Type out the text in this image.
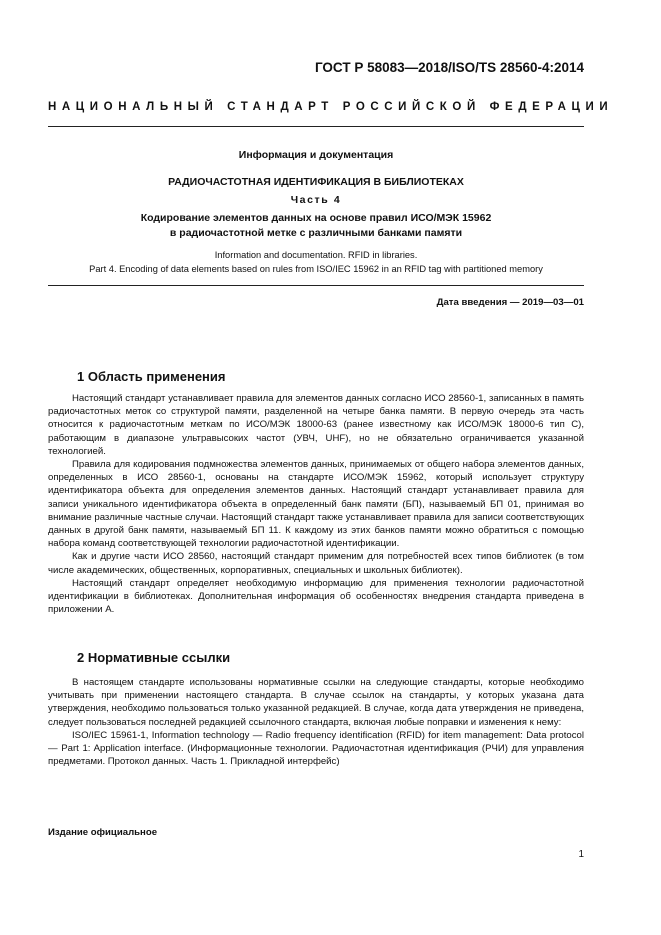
ГОСТ Р 58083—2018/ISO/TS 28560-4:2014
НАЦИОНАЛЬНЫЙ СТАНДАРТ РОССИЙСКОЙ ФЕДЕРАЦИИ
Информация и документация
РАДИОЧАСТОТНАЯ ИДЕНТИФИКАЦИЯ В БИБЛИОТЕКАХ
Часть 4
Кодирование элементов данных на основе правил ИСО/МЭК 15962
в радиочастотной метке с различными банками памяти
Information and documentation. RFID in libraries.
Part 4. Encoding of data elements based on rules from ISO/IEC 15962 in an RFID tag with partitioned memory
Дата введения — 2019—03—01
1 Область применения

Настоящий стандарт устанавливает правила для элементов данных согласно ИСО 28560-1, записанных в память радиочастотных меток со структурой памяти, разделенной на четыре банка памяти. В первую очередь эта часть относится к радиочастотным меткам по ИСО/МЭК 18000-63 (ранее известному как ИСО/МЭК 18000-6 тип С), работающим в диапазоне ультравысоких частот (УВЧ, UHF), но не обязательно ограничивается указанной технологией.

Правила для кодирования подмножества элементов данных, принимаемых от общего набора элементов данных, определенных в ИСО 28560-1, основаны на стандарте ИСО/МЭК 15962, который использует структуру идентификатора объекта для определения элементов данных. Настоящий стандарт устанавливает правила для записи уникального идентификатора объекта в определенный банк памяти (БП), называемый БП 01, принимая во внимание различные частные случаи. Настоящий стандарт также устанавливает правила для записи соответствующих данных в другой банк памяти, называемый БП 11. К каждому из этих банков памяти можно обратиться с помощью набора команд соответствующей технологии радиочастотной идентификации.

Как и другие части ИСО 28560, настоящий стандарт применим для потребностей всех типов библиотек (в том числе академических, общественных, корпоративных, специальных и школьных библиотек).

Настоящий стандарт определяет необходимую информацию для применения технологии радиочастотной идентификации в библиотеках. Дополнительная информация об особенностях внедрения стандарта приведена в приложении А.

2 Нормативные ссылки

В настоящем стандарте использованы нормативные ссылки на следующие стандарты, которые необходимо учитывать при применении настоящего стандарта. В случае ссылок на стандарты, у которых указана дата утверждения, необходимо пользоваться только указанной редакцией. В случае, когда дата утверждения не приведена, следует пользоваться последней редакцией ссылочного стандарта, включая любые поправки и изменения к нему:

ISO/IEC 15961-1, Information technology — Radio frequency identification (RFID) for item management: Data protocol — Part 1: Application interface. (Информационные технологии. Радиочастотная идентификация (РЧИ) для управления предметами. Протокол данных. Часть 1. Прикладной интерфейс)

Издание официальное
1
